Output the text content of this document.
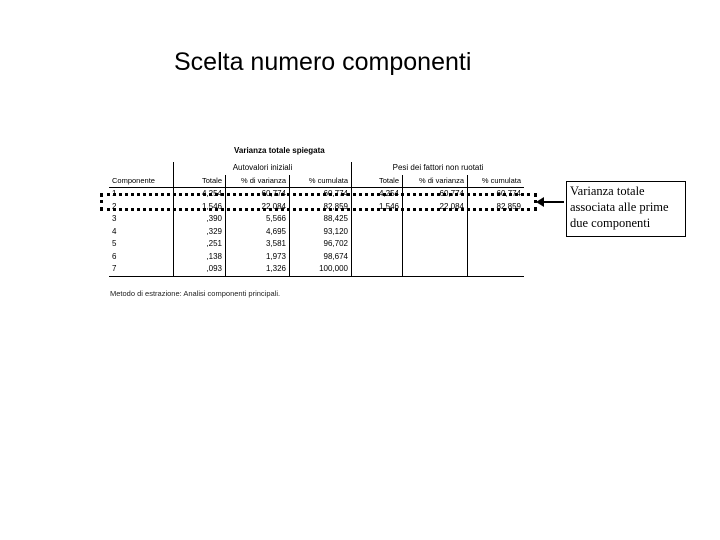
Scelta numero componenti
Varianza totale spiegata
	Autovalori iniziali			Pesi dei fattori non ruotati		
Componente	Totale	% di varianza	% cumulata	Totale	% di varianza	% cumulata
1	4,254	60,774	60,774	4,254	60,774	60,774
2	1,546	22,084	82,859	1,546	22,084	82,859
3	,390	5,566	88,425			
4	,329	4,695	93,120			
5	,251	3,581	96,702			
6	,138	1,973	98,674			
7	,093	1,326	100,000			
Metodo di estrazione: Analisi componenti principali.
Varianza totale associata alle prime due componenti
